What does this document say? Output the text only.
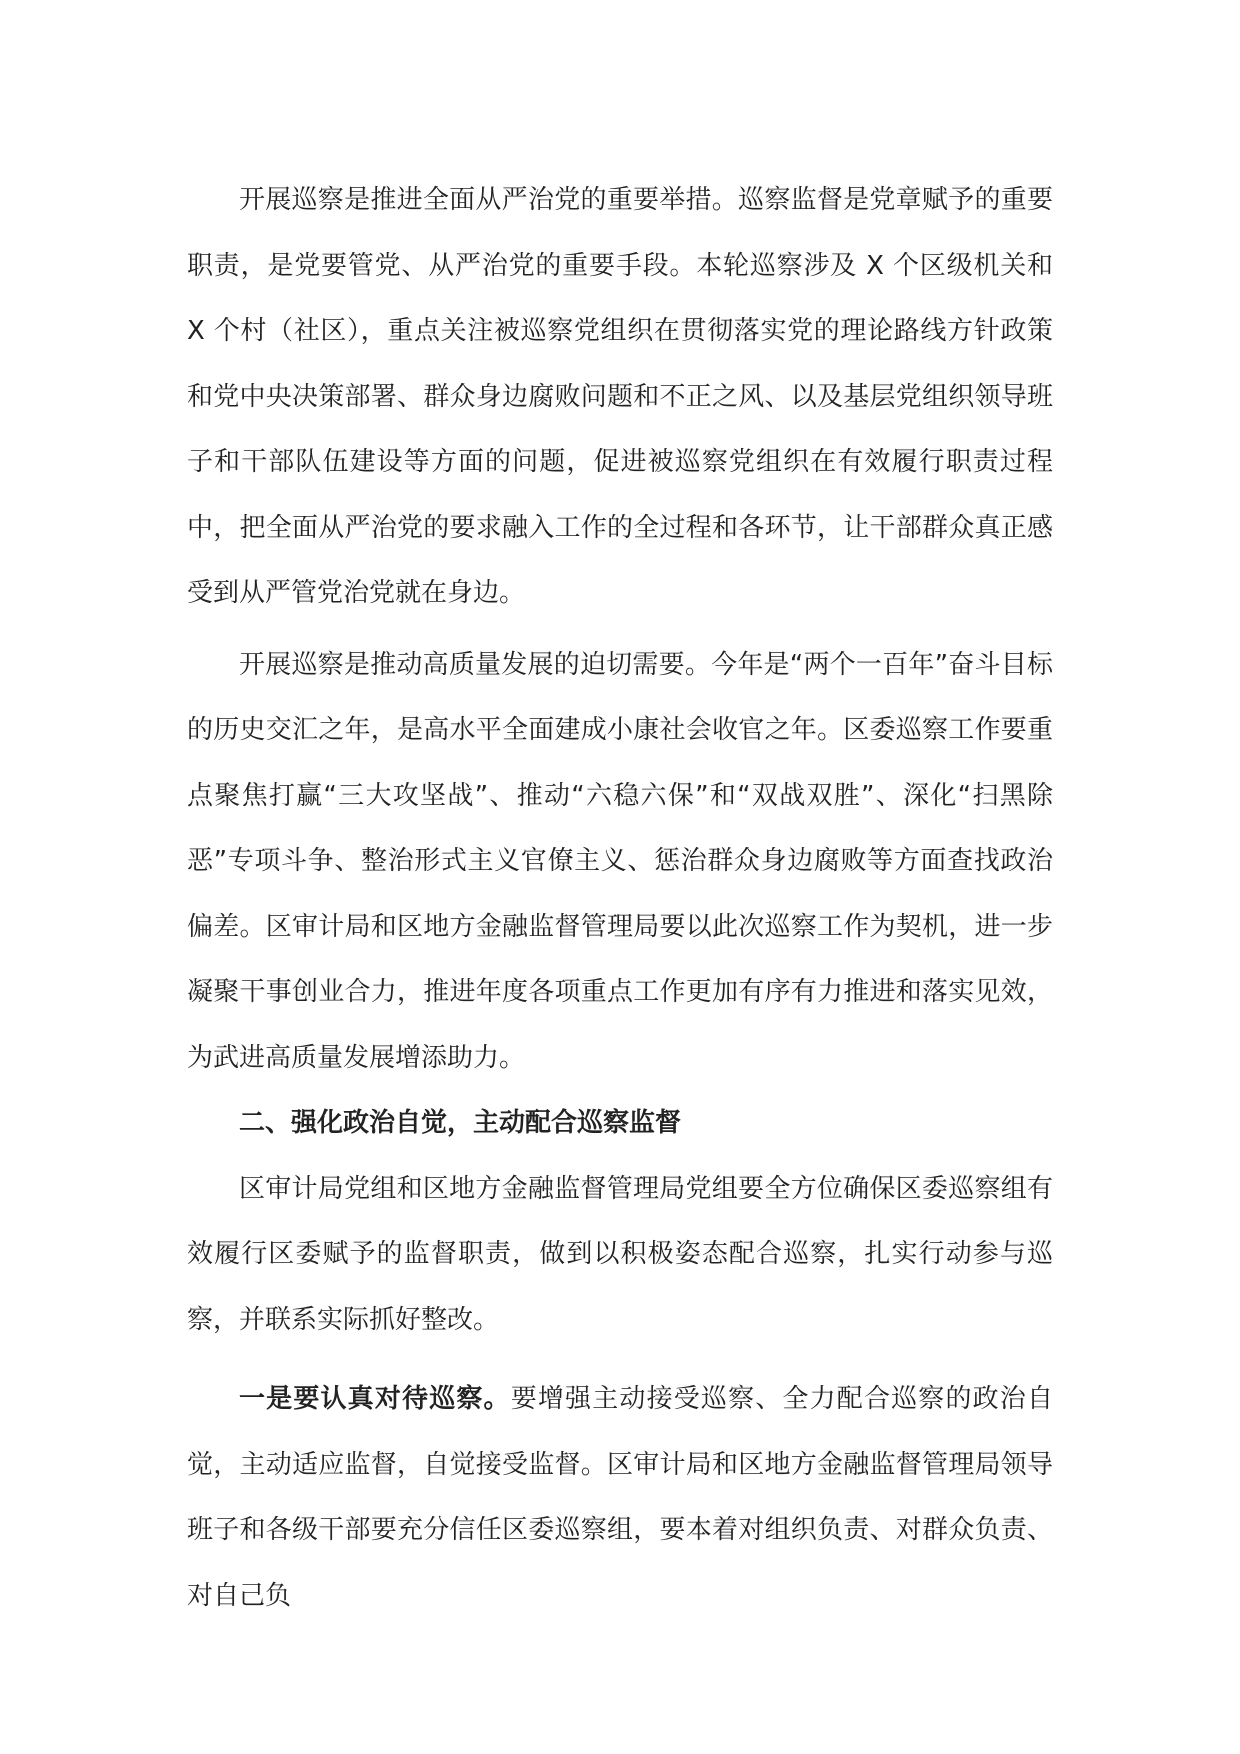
开展巡察是推进全面从严治党的重要举措。巡察监督是党章赋予的重要职责，是党要管党、从严治党的重要手段。本轮巡察涉及 X 个区级机关和 X 个村（社区），重点关注被巡察党组织在贯彻落实党的理论路线方针政策和党中央决策部署、群众身边腐败问题和不正之风、以及基层党组织领导班子和干部队伍建设等方面的问题，促进被巡察党组织在有效履行职责过程中，把全面从严治党的要求融入工作的全过程和各环节，让干部群众真正感受到从严管党治党就在身边。

开展巡察是推动高质量发展的迫切需要。今年是“两个一百年”奋斗目标的历史交汇之年，是高水平全面建成小康社会收官之年。区委巡察工作要重点聚焦打赢“三大攻坚战”、推动“六稳六保”和“双战双胜”、深化“扫黑除恶”专项斗争、整治形式主义官僚主义、惩治群众身边腐败等方面查找政治偏差。区审计局和区地方金融监督管理局要以此次巡察工作为契机，进一步凝聚干事创业合力，推进年度各项重点工作更加有序有力推进和落实见效，为武进高质量发展增添助力。

二、强化政治自觉，主动配合巡察监督

区审计局党组和区地方金融监督管理局党组要全方位确保区委巡察组有效履行区委赋予的监督职责，做到以积极姿态配合巡察，扎实行动参与巡察，并联系实际抓好整改。

一是要认真对待巡察。要增强主动接受巡察、全力配合巡察的政治自觉，主动适应监督，自觉接受监督。区审计局和区地方金融监督管理局领导班子和各级干部要充分信任区委巡察组，要本着对组织负责、对群众负责、对自己负
